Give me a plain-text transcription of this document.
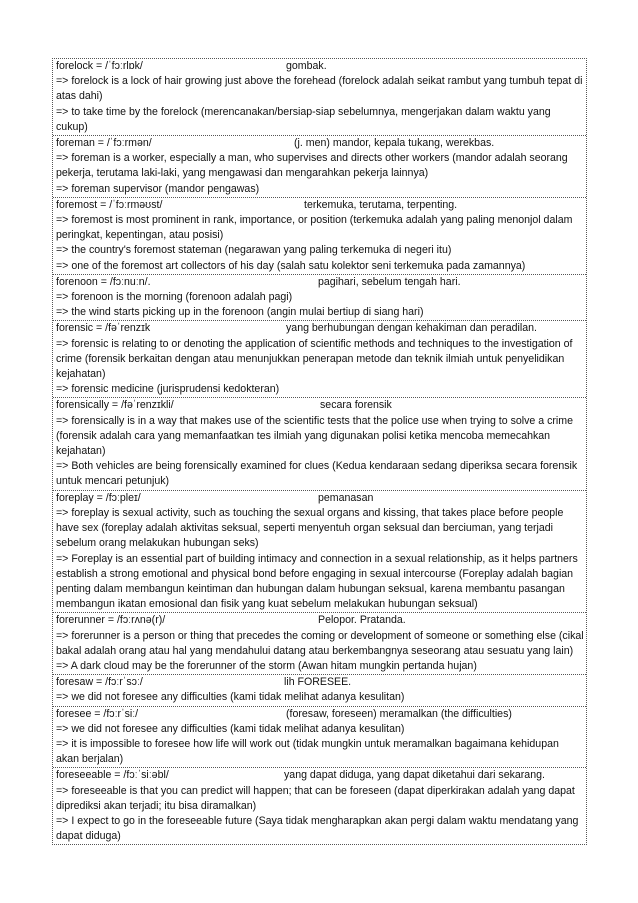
forelock = /ˈfɔːrlɒk/	gombak.
=> forelock is a lock of hair growing just above the forehead (forelock adalah seikat rambut yang tumbuh tepat di atas dahi)
=> to take time by the forelock (merencanakan/bersiap-siap sebelumnya, mengerjakan dalam waktu yang cukup)
foreman = /ˈfɔːrmən/	(j. men) mandor, kepala tukang, werekbas.
=> foreman is a worker, especially a man, who supervises and directs other workers (mandor adalah seorang pekerja, terutama laki-laki, yang mengawasi dan mengarahkan pekerja lainnya)
=> foreman supervisor (mandor pengawas)
foremost = /ˈfɔːrməʊst/	terkemuka, terutama, terpenting.
=> foremost is most prominent in rank, importance, or position (terkemuka adalah yang paling menonjol dalam peringkat, kepentingan, atau posisi)
=> the country's foremost stateman (negarawan yang paling terkemuka di negeri itu)
=> one of the foremost art collectors of his day (salah satu kolektor seni terkemuka pada zamannya)
forenoon = /fɔːnuːn/.	pagihari, sebelum tengah hari.
=> forenoon is the morning (forenoon adalah pagi)
=> the wind starts picking up in the forenoon (angin mulai bertiup di siang hari)
forensic = /fəˈrenzɪk	yang berhubungan dengan kehakiman dan peradilan.
=> forensic is relating to or denoting the application of scientific methods and techniques to the investigation of crime (forensik berkaitan dengan atau menunjukkan penerapan metode dan teknik ilmiah untuk penyelidikan kejahatan)
=> forensic medicine (jurisprudensi kedokteran)
forensically = /fəˈrenzɪkli/	secara forensik
=> forensically is in a way that makes use of the scientific tests that the police use when trying to solve a crime (forensik adalah cara yang memanfaatkan tes ilmiah yang digunakan polisi ketika mencoba memecahkan kejahatan)
=> Both vehicles are being forensically examined for clues (Kedua kendaraan sedang diperiksa secara forensik untuk mencari petunjuk)
foreplay = /fɔːpleɪ/	pemanasan
=> foreplay is sexual activity, such as touching the sexual organs and kissing, that takes place before people have sex (foreplay adalah aktivitas seksual, seperti menyentuh organ seksual dan berciuman, yang terjadi sebelum orang melakukan hubungan seks)
=> Foreplay is an essential part of building intimacy and connection in a sexual relationship, as it helps partners establish a strong emotional and physical bond before engaging in sexual intercourse (Foreplay adalah bagian penting dalam membangun keintiman dan hubungan dalam hubungan seksual, karena membantu pasangan membangun ikatan emosional dan fisik yang kuat sebelum melakukan hubungan seksual)
forerunner = /fɔːrʌnə(r)/	Pelopor. Pratanda.
=> forerunner is a person or thing that precedes the coming or development of someone or something else (cikal bakal adalah orang atau hal yang mendahului datang atau berkembangnya seseorang atau sesuatu yang lain)
=> A dark cloud may be the forerunner of the storm (Awan hitam mungkin pertanda hujan)
foresaw = /fɔːrˈsɔː/	lih FORESEE.
=> we did not foresee any difficulties (kami tidak melihat adanya kesulitan)
foresee = /fɔːrˈsiː/	(foresaw, foreseen) meramalkan (the difficulties)
=> we did not foresee any difficulties (kami tidak melihat adanya kesulitan)
=> it is impossible to foresee how life will work out (tidak mungkin untuk meramalkan bagaimana kehidupan akan berjalan)
foreseeable = /fɔːˈsiːəbl/	yang dapat diduga, yang dapat diketahui dari sekarang.
=> foreseeable is that you can predict will happen; that can be foreseen (dapat diperkirakan adalah yang dapat diprediksi akan terjadi; itu bisa diramalkan)
=> I expect to go in the foreseeable future (Saya tidak mengharapkan akan pergi dalam waktu mendatang yang dapat diduga)
